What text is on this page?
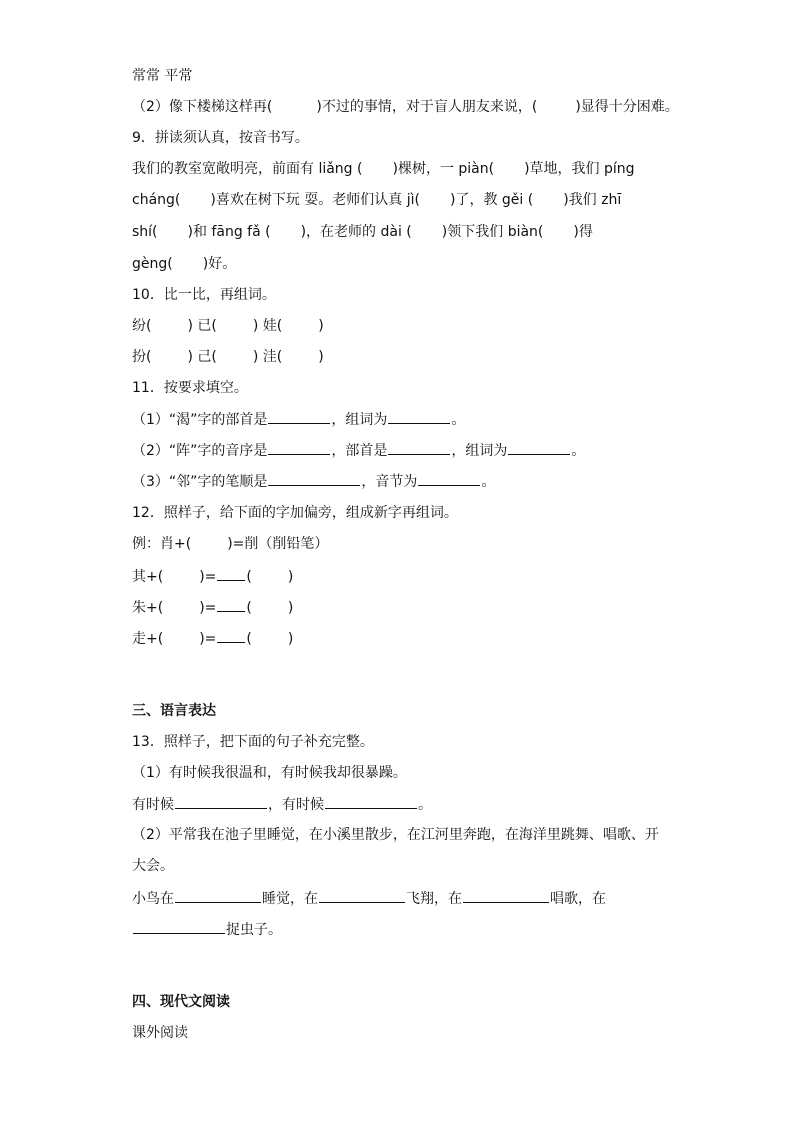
常常 平常
（2）像下楼梯这样再(	)不过的事情，对于盲人朋友来说，(	)显得十分困难。
9．拼读须认真，按音书写。
我们的教室宽敞明亮，前面有 liǎng ( )棵树，一 piàn( )草地，我们 píng
cháng( )喜欢在树下玩 耍。老师们认真 jì( )了，教 gěi ( )我们 zhī
shí( )和 fāng fǎ ( )，在老师的 dài ( )领下我们 biàn( )得
gèng( )好。
10．比一比，再组词。
纷(	) 已(	) 娃(	)
扮(	) 己(	) 洼(	)
11．按要求填空。
（1）“渴”字的部首是	，组词为	。
（2）“阵”字的音序是	，部首是	，组词为	。
（3）“邻”字的笔顺是	，音节为	。
12．照样子，给下面的字加偏旁，组成新字再组词。
例：肖+(	)=削（削铅笔）
其+(	)= (	)
朱+(	)= (	)
走+(	)= (	)
三、语言表达
13．照样子，把下面的句子补充完整。
（1）有时候我很温和，有时候我却很暴躁。
有时候	，有时候	。
（2）平常我在池子里睡觉，在小溪里散步，在江河里奔跑，在海洋里跳舞、唱歌、开
大会。
小鸟在	睡觉，在	飞翔，在	唱歌，在
捉虫子。
四、现代文阅读
课外阅读
